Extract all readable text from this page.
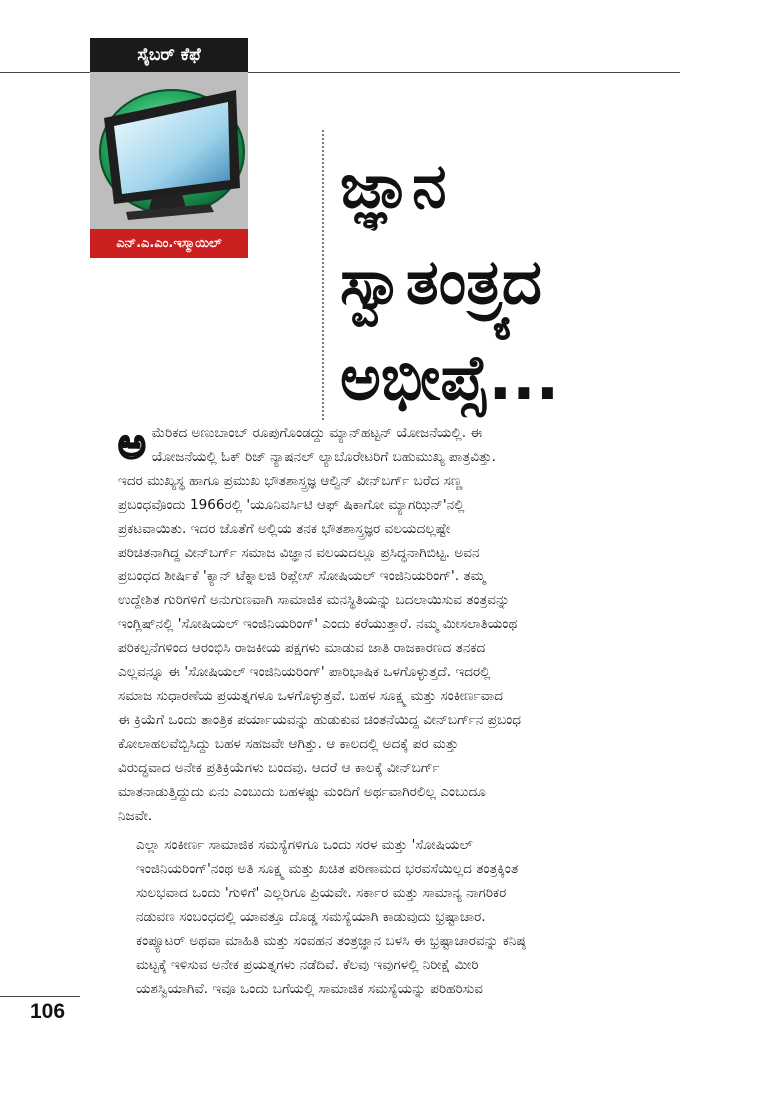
ಸೈಬರ್ ಕೆಫೆ
ಎನ್.ಎ.ಎಂ.ಇಸ್ಮಾಯಿಲ್
ಜ್ಞಾನ
ಸ್ವಾತಂತ್ರ್ಯದ
ಅಭೀಪ್ಸೆ...

ಅ ಮೆರಿಕದ ಅಣುಬಾಂಬ್ ರೂಪುಗೊಂಡದ್ದು ಮ್ಯಾನ್‌ಹಟ್ಟನ್ ಯೋಜನೆಯಲ್ಲಿ. ಈ
ಯೋಜನೆಯಲ್ಲಿ ಓಕ್ ರಿಜ್ ನ್ಯಾಷನಲ್ ಲ್ಯಾಬೊರೇಟರಿಗೆ ಬಹುಮುಖ್ಯ ಪಾತ್ರವಿತ್ತು.
ಇದರ ಮುಖ್ಯಸ್ಥ ಹಾಗೂ ಪ್ರಮುಖ ಭೌತಶಾಸ್ತ್ರಜ್ಞ ಆಲ್ವಿನ್ ವೀನ್‌ಬರ್ಗ್ ಬರೆದ ಸಣ್ಣ
ಪ್ರಬಂಧವೊಂದು 1966ರಲ್ಲಿ 'ಯೂನಿವರ್ಸಿಟಿ ಆಫ್ ಷಿಕಾಗೋ ಮ್ಯಾಗಝಿನ್'ನಲ್ಲಿ
ಪ್ರಕಟವಾಯಿತು. ಇದರ ಜೊತೆಗೆ ಅಲ್ಲಿಯ ತನಕ ಭೌತಶಾಸ್ತ್ರಜ್ಞರ ವಲಯದಲ್ಲಷ್ಟೇ
ಪರಿಚಿತನಾಗಿದ್ದ ವೀನ್‌ಬರ್ಗ್ ಸಮಾಜ ವಿಜ್ಞಾನ ವಲಯದಲ್ಲೂ ಪ್ರಸಿದ್ಧನಾಗಿಬಿಟ್ಟ. ಅವನ
ಪ್ರಬಂಧದ ಶೀರ್ಷಿಕೆ 'ಕ್ಯಾನ್ ಟೆಕ್ನಾಲಜಿ ರಿಪ್ಲೇಸ್ ಸೋಷಿಯಲ್ ಇಂಜಿನಿಯರಿಂಗ್'. ತಮ್ಮ
ಉದ್ದೇಶಿತ ಗುರಿಗಳಿಗೆ ಅನುಗುಣವಾಗಿ ಸಾಮಾಜಿಕ ಮನಸ್ಥಿತಿಯನ್ನು ಬದಲಾಯಿಸುವ ತಂತ್ರವನ್ನು
ಇಂಗ್ಲಿಷ್‌ನಲ್ಲಿ 'ಸೋಷಿಯಲ್ ಇಂಜಿನಿಯರಿಂಗ್' ಎಂದು ಕರೆಯುತ್ತಾರೆ. ನಮ್ಮ ಮೀಸಲಾತಿಯಂಥ
ಪರಿಕಲ್ಪನೆಗಳಿಂದ ಆರಂಭಿಸಿ ರಾಜಕೀಯ ಪಕ್ಷಗಳು ಮಾಡುವ ಜಾತಿ ರಾಜಕಾರಣದ ತನಕದ
ಎಲ್ಲವನ್ನೂ ಈ 'ಸೋಷಿಯಲ್ ಇಂಜಿನಿಯರಿಂಗ್' ಪಾರಿಭಾಷಿಕ ಒಳಗೊಳ್ಳುತ್ತದೆ. ಇದರಲ್ಲಿ
ಸಮಾಜ ಸುಧಾರಣೆಯ ಪ್ರಯತ್ನಗಳೂ ಒಳಗೊಳ್ಳುತ್ತವೆ. ಬಹಳ ಸೂಕ್ಷ್ಮ ಮತ್ತು ಸಂಕೀರ್ಣವಾದ
ಈ ಕ್ರಿಯೆಗೆ ಒಂದು ತಾಂತ್ರಿಕ ಪರ್ಯಾಯವನ್ನು ಹುಡುಕುವ ಚಿಂತನೆಯಿದ್ದ ವೀನ್‌ಬರ್ಗ್‌ನ ಪ್ರಬಂಧ
ಕೋಲಾಹಲವೆಬ್ಬಿಸಿದ್ದು ಬಹಳ ಸಹಜವೇ ಆಗಿತ್ತು. ಆ ಕಾಲದಲ್ಲಿ ಅದಕ್ಕೆ ಪರ ಮತ್ತು
ವಿರುದ್ಧವಾದ ಅನೇಕ ಪ್ರತಿಕ್ರಿಯೆಗಳು ಬಂದವು. ಆದರೆ ಆ ಕಾಲಕ್ಕೆ ವೀನ್‌ಬರ್ಗ್
ಮಾತನಾಡುತ್ತಿದ್ದುದು ಏನು ಎಂಬುದು ಬಹಳಷ್ಟು ಮಂದಿಗೆ ಅರ್ಥವಾಗಿರಲಿಲ್ಲ ಎಂಬುದೂ
ನಿಜವೇ.

ಎಲ್ಲಾ ಸಂಕೀರ್ಣ ಸಾಮಾಜಿಕ ಸಮಸ್ಯೆಗಳಿಗೂ ಒಂದು ಸರಳ ಮತ್ತು 'ಸೋಷಿಯಲ್
ಇಂಜಿನಿಯರಿಂಗ್'ನಂಥ ಅತಿ ಸೂಕ್ಷ್ಮ ಮತ್ತು ಖಚಿತ ಪರಿಣಾಮದ ಭರವಸೆಯಿಲ್ಲದ ತಂತ್ರಕ್ಕಿಂತ
ಸುಲಭವಾದ ಒಂದು 'ಗುಳಿಗೆ' ಎಲ್ಲರಿಗೂ ಪ್ರಿಯವೇ. ಸರ್ಕಾರ ಮತ್ತು ಸಾಮಾನ್ಯ ನಾಗರಿಕರ
ನಡುವಣ ಸಂಬಂಧದಲ್ಲಿ ಯಾವತ್ತೂ ದೊಡ್ಡ ಸಮಸ್ಯೆಯಾಗಿ ಕಾಡುವುದು ಭ್ರಷ್ಟಾಚಾರ.
ಕಂಪ್ಯೂಟರ್ ಅಥವಾ ಮಾಹಿತಿ ಮತ್ತು ಸಂವಹನ ತಂತ್ರಜ್ಞಾನ ಬಳಸಿ ಈ ಭ್ರಷ್ಟಾಚಾರವನ್ನು ಕನಿಷ್ಠ
ಮಟ್ಟಕ್ಕೆ ಇಳಿಸುವ ಅನೇಕ ಪ್ರಯತ್ನಗಳು ನಡೆದಿವೆ. ಕೆಲವು ಇವುಗಳಲ್ಲಿ ನಿರೀಕ್ಷೆ ಮೀರಿ
ಯಶಸ್ವಿಯಾಗಿವೆ. ಇವೂ ಒಂದು ಬಗೆಯಲ್ಲಿ ಸಾಮಾಜಿಕ ಸಮಸ್ಯೆಯನ್ನು ಪರಿಹರಿಸುವ

106
